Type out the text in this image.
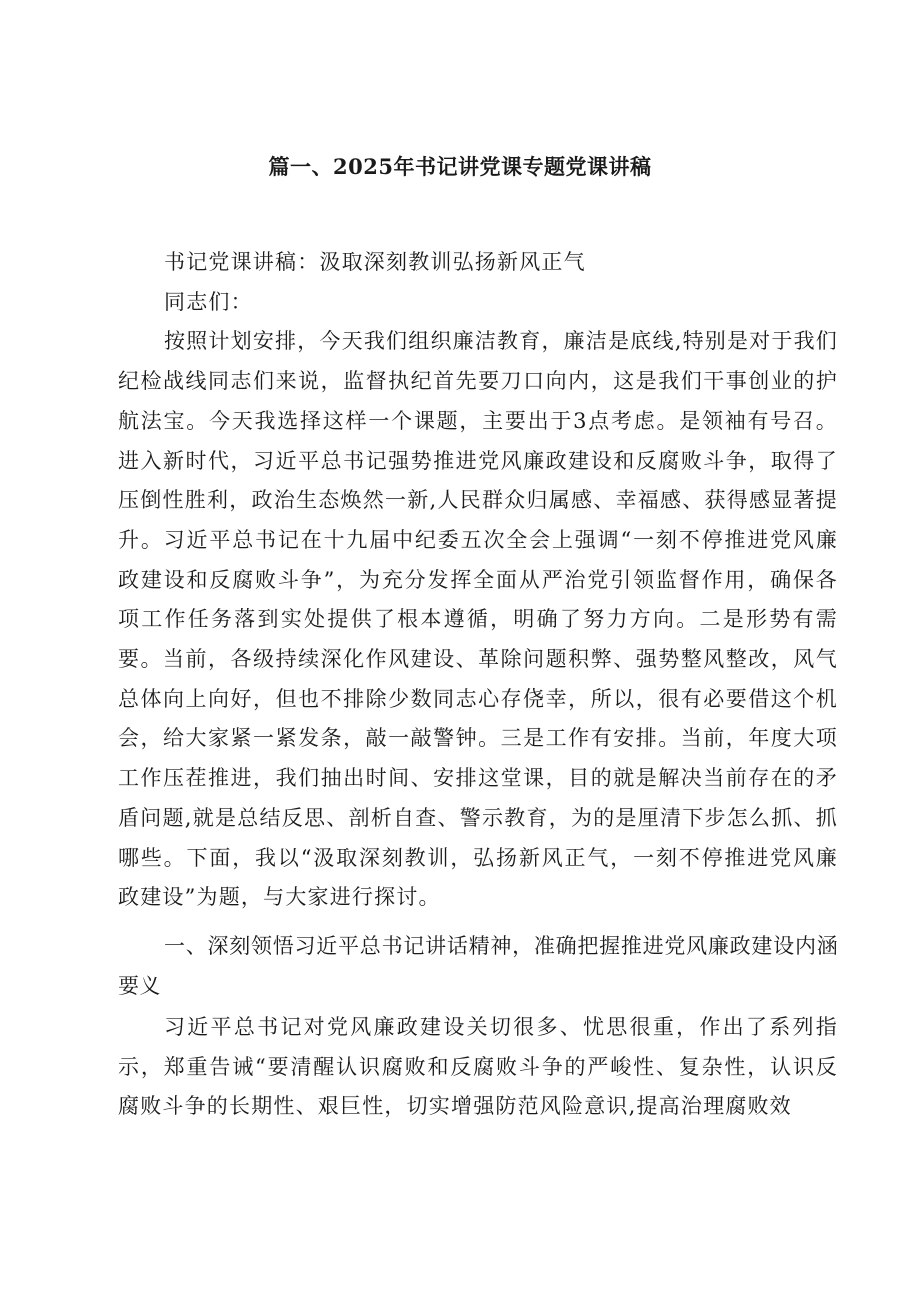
篇一、2025年书记讲党课专题党课讲稿

书记党课讲稿：汲取深刻教训弘扬新风正气

同志们：

按照计划安排，今天我们组织廉洁教育，廉洁是底线,特别是对于我们纪检战线同志们来说，监督执纪首先要刀口向内，这是我们干事创业的护航法宝。今天我选择这样一个课题，主要出于3点考虑。是领袖有号召。进入新时代，习近平总书记强势推进党风廉政建设和反腐败斗争，取得了压倒性胜利，政治生态焕然一新,人民群众归属感、幸福感、获得感显著提升。习近平总书记在十九届中纪委五次全会上强调“一刻不停推进党风廉政建设和反腐败斗争”，为充分发挥全面从严治党引领监督作用，确保各项工作任务落到实处提供了根本遵循，明确了努力方向。二是形势有需要。当前，各级持续深化作风建设、革除问题积弊、强势整风整改，风气总体向上向好，但也不排除少数同志心存侥幸，所以，很有必要借这个机会，给大家紧一紧发条，敲一敲警钟。三是工作有安排。当前，年度大项工作压茬推进，我们抽出时间、安排这堂课，目的就是解决当前存在的矛盾问题,就是总结反思、剖析自查、警示教育，为的是厘清下步怎么抓、抓哪些。下面，我以“汲取深刻教训，弘扬新风正气，一刻不停推进党风廉政建设”为题，与大家进行探讨。

一、深刻领悟习近平总书记讲话精神，准确把握推进党风廉政建设内涵要义

习近平总书记对党风廉政建设关切很多、忧思很重，作出了系列指示，郑重告诫“要清醒认识腐败和反腐败斗争的严峻性、复杂性，认识反腐败斗争的长期性、艰巨性，切实增强防范风险意识,提高治理腐败效
